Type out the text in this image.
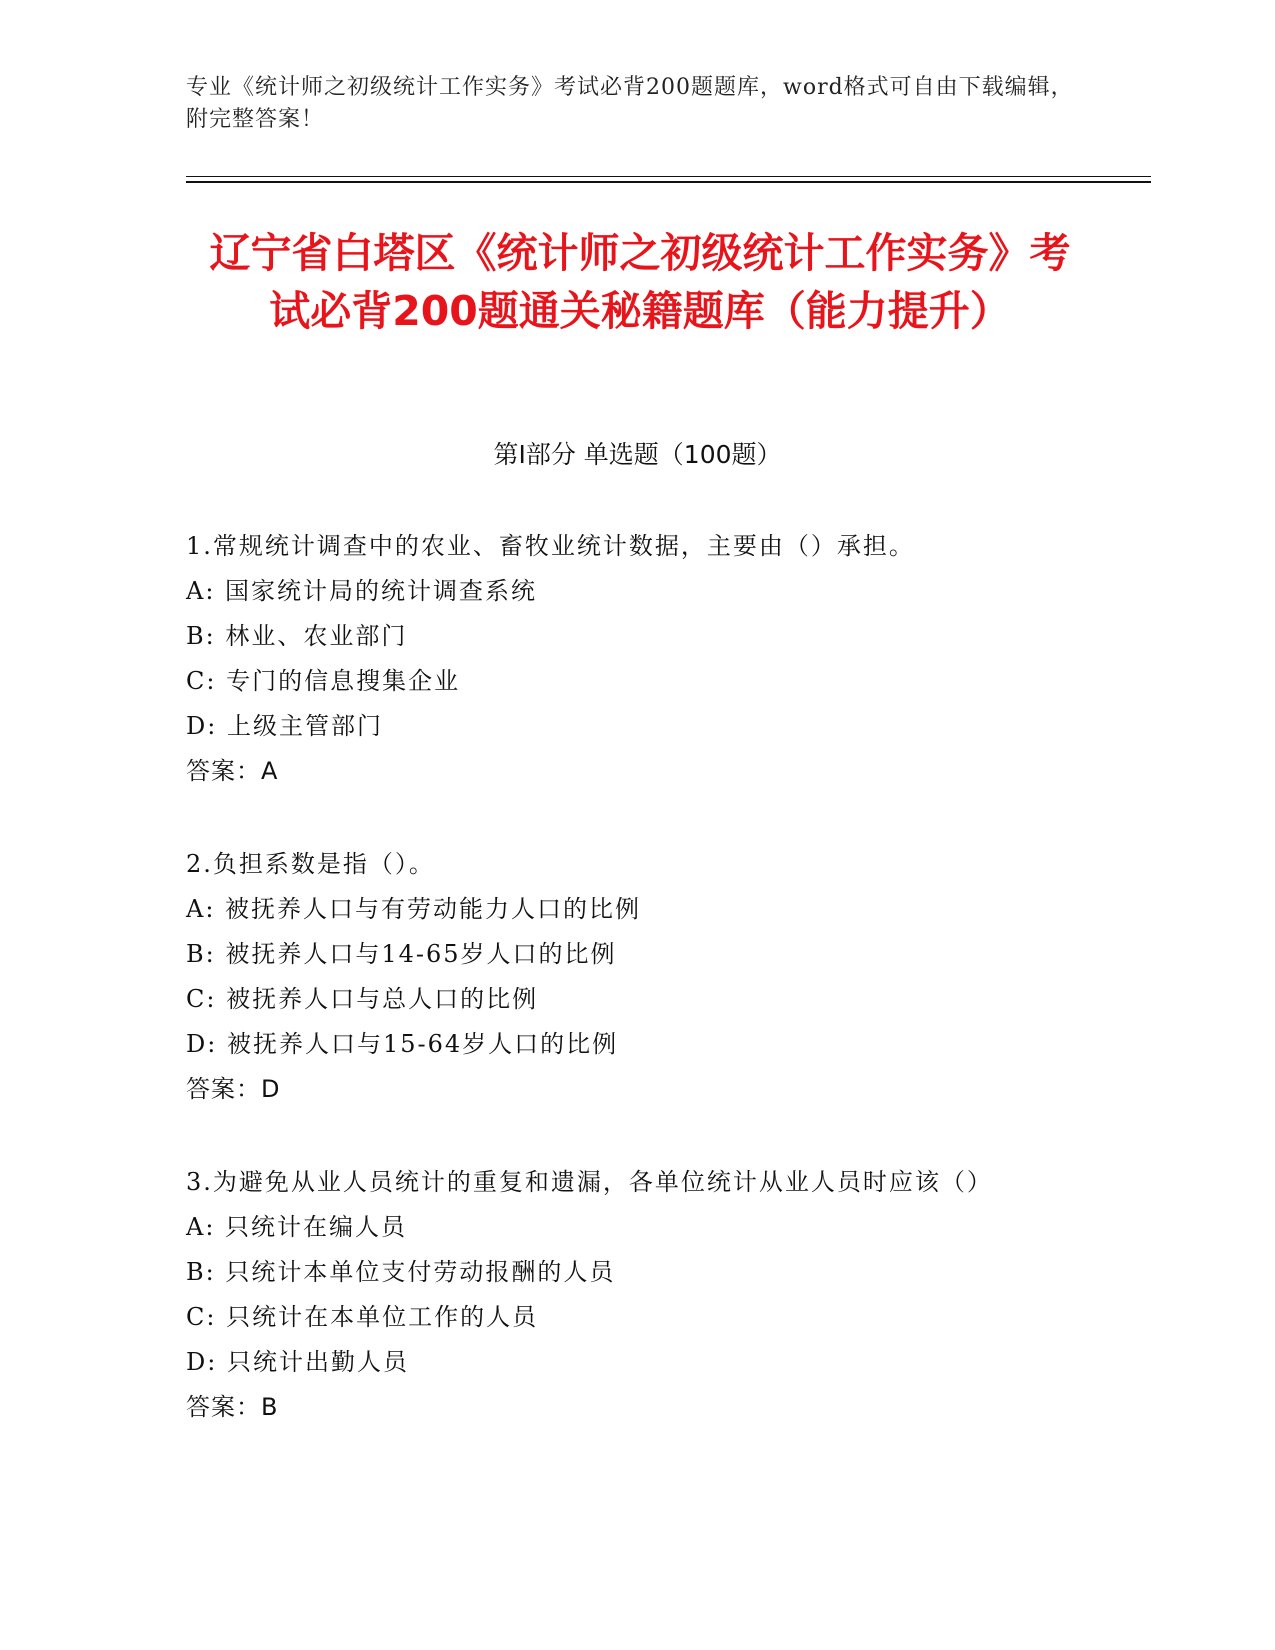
专业《统计师之初级统计工作实务》考试必背200题题库，word格式可自由下载编辑，附完整答案！
辽宁省白塔区《统计师之初级统计工作实务》考试必背200题通关秘籍题库（能力提升）
第I部分 单选题（100题）
1.常规统计调查中的农业、畜牧业统计数据，主要由（）承担。
A: 国家统计局的统计调查系统
B: 林业、农业部门
C: 专门的信息搜集企业
D: 上级主管部门
答案：A
2.负担系数是指（）。
A: 被抚养人口与有劳动能力人口的比例
B: 被抚养人口与14-65岁人口的比例
C: 被抚养人口与总人口的比例
D: 被抚养人口与15-64岁人口的比例
答案：D
3.为避免从业人员统计的重复和遗漏，各单位统计从业人员时应该（）
A: 只统计在编人员
B: 只统计本单位支付劳动报酬的人员
C: 只统计在本单位工作的人员
D: 只统计出勤人员
答案：B
